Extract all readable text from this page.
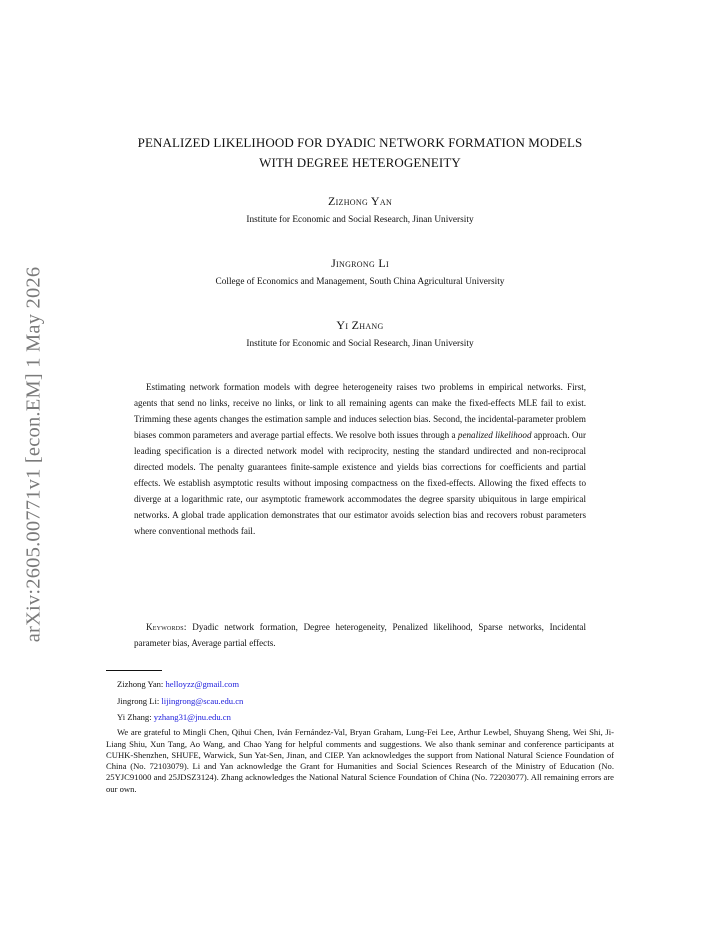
arXiv:2605.00771v1 [econ.EM] 1 May 2026
PENALIZED LIKELIHOOD FOR DYADIC NETWORK FORMATION MODELS
WITH DEGREE HETEROGENEITY
Zizhong Yan
Institute for Economic and Social Research, Jinan University
Jingrong Li
College of Economics and Management, South China Agricultural University
Yi Zhang
Institute for Economic and Social Research, Jinan University

Estimating network formation models with degree heterogeneity raises two problems in empirical networks. First, agents that send no links, receive no links, or link to all remaining agents can make the fixed-effects MLE fail to exist. Trimming these agents changes the estimation sample and induces selection bias. Second, the incidental-parameter problem biases common parameters and average partial effects. We resolve both issues through a penalized likelihood approach. Our leading specification is a directed network model with reciprocity, nesting the standard undirected and non-reciprocal directed models. The penalty guarantees finite-sample existence and yields bias corrections for coefficients and partial effects. We establish asymptotic results without imposing compactness on the fixed-effects. Allowing the fixed effects to diverge at a logarithmic rate, our asymptotic framework accommodates the degree sparsity ubiquitous in large empirical networks. A global trade application demonstrates that our estimator avoids selection bias and recovers robust parameters where conventional methods fail.

Keywords: Dyadic network formation, Degree heterogeneity, Penalized likelihood, Sparse networks, Incidental parameter bias, Average partial effects.

Zizhong Yan: helloyzz@gmail.com
Jingrong Li: lijingrong@scau.edu.cn
Yi Zhang: yzhang31@jnu.edu.cn
We are grateful to Mingli Chen, Qihui Chen, Iván Fernández-Val, Bryan Graham, Lung-Fei Lee, Arthur Lewbel, Shuyang Sheng, Wei Shi, Ji-Liang Shiu, Xun Tang, Ao Wang, and Chao Yang for helpful comments and suggestions. We also thank seminar and conference participants at CUHK-Shenzhen, SHUFE, Warwick, Sun Yat-Sen, Jinan, and CIEP. Yan acknowledges the support from National Natural Science Foundation of China (No. 72103079). Li and Yan acknowledge the Grant for Humanities and Social Sciences Research of the Ministry of Education (No. 25YJC91000 and 25JDSZ3124). Zhang acknowledges the National Natural Science Foundation of China (No. 72203077). All remaining errors are our own.
